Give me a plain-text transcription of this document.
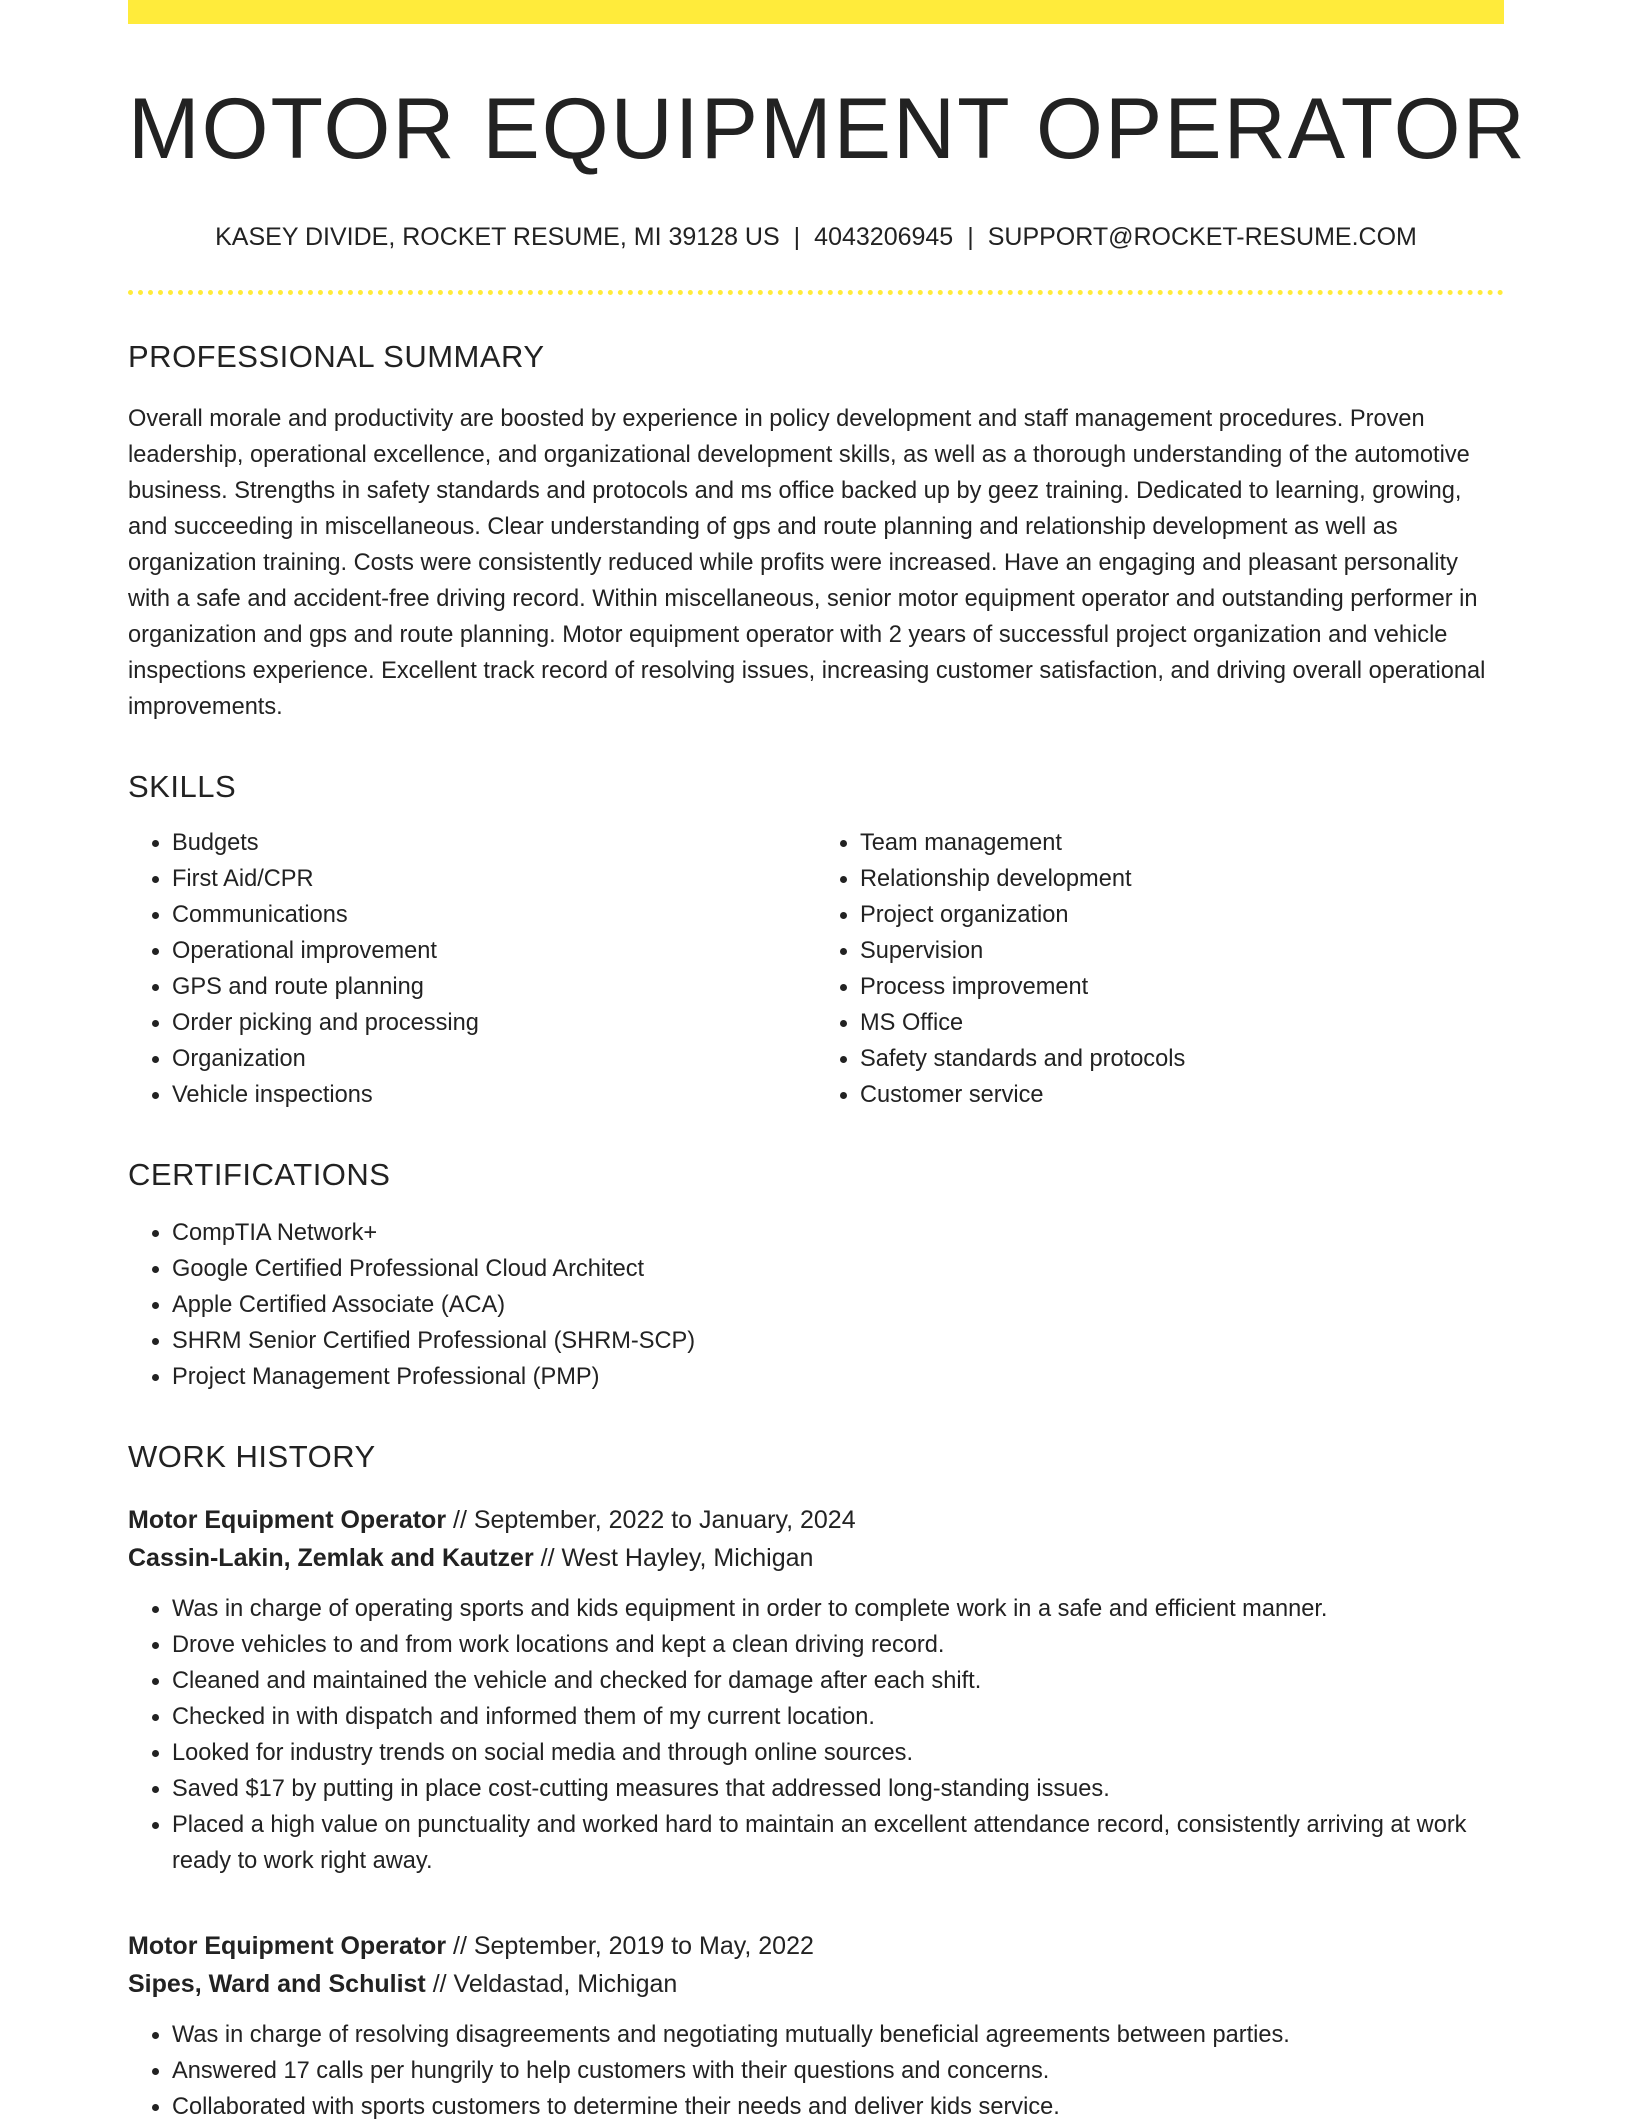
MOTOR EQUIPMENT OPERATOR
KASEY DIVIDE, ROCKET RESUME, MI 39128 US | 4043206945 | SUPPORT@ROCKET-RESUME.COM
PROFESSIONAL SUMMARY

Overall morale and productivity are boosted by experience in policy development and staff management procedures. Proven leadership, operational excellence, and organizational development skills, as well as a thorough understanding of the automotive business. Strengths in safety standards and protocols and ms office backed up by geez training. Dedicated to learning, growing, and succeeding in miscellaneous. Clear understanding of gps and route planning and relationship development as well as organization training. Costs were consistently reduced while profits were increased. Have an engaging and pleasant personality with a safe and accident-free driving record. Within miscellaneous, senior motor equipment operator and outstanding performer in organization and gps and route planning. Motor equipment operator with 2 years of successful project organization and vehicle inspections experience. Excellent track record of resolving issues, increasing customer satisfaction, and driving overall operational improvements.

SKILLS
• Budgets
• First Aid/CPR
• Communications
• Operational improvement
• GPS and route planning
• Order picking and processing
• Organization
• Vehicle inspections
• Team management
• Relationship development
• Project organization
• Supervision
• Process improvement
• MS Office
• Safety standards and protocols
• Customer service
CERTIFICATIONS
• CompTIA Network+
• Google Certified Professional Cloud Architect
• Apple Certified Associate (ACA)
• SHRM Senior Certified Professional (SHRM-SCP)
• Project Management Professional (PMP)
WORK HISTORY
Motor Equipment Operator // September, 2022 to January, 2024
Cassin-Lakin, Zemlak and Kautzer // West Hayley, Michigan
• Was in charge of operating sports and kids equipment in order to complete work in a safe and efficient manner.
• Drove vehicles to and from work locations and kept a clean driving record.
• Cleaned and maintained the vehicle and checked for damage after each shift.
• Checked in with dispatch and informed them of my current location.
• Looked for industry trends on social media and through online sources.
• Saved $17 by putting in place cost-cutting measures that addressed long-standing issues.
• Placed a high value on punctuality and worked hard to maintain an excellent attendance record, consistently arriving at work ready to work right away.
Motor Equipment Operator // September, 2019 to May, 2022
Sipes, Ward and Schulist // Veldastad, Michigan
• Was in charge of resolving disagreements and negotiating mutually beneficial agreements between parties.
• Answered 17 calls per hungrily to help customers with their questions and concerns.
• Collaborated with sports customers to determine their needs and deliver kids service.
